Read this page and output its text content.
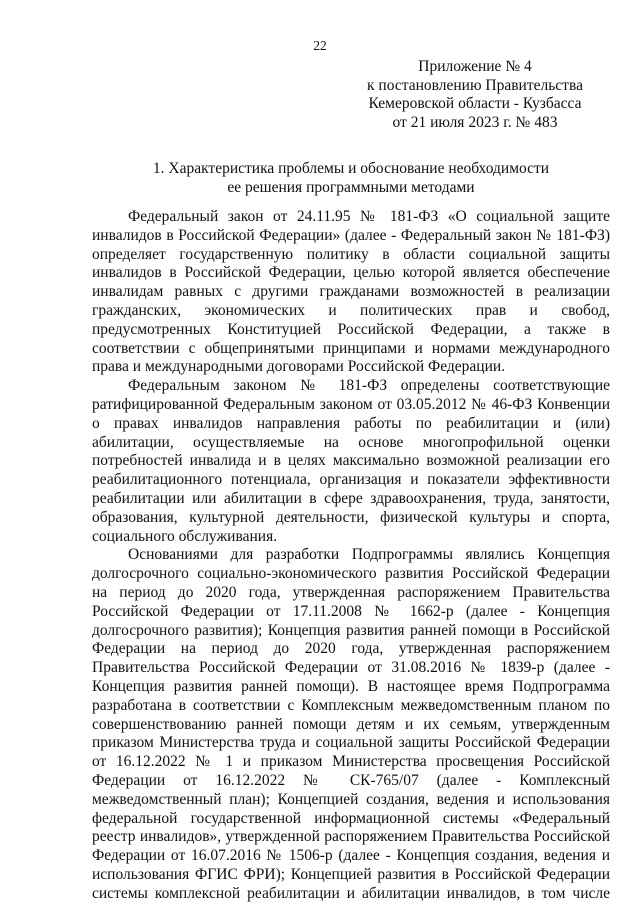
22
Приложение № 4
к постановлению Правительства
Кемеровской области - Кузбасса
от 21 июля 2023 г. № 483
1. Характеристика проблемы и обоснование необходимости
ее решения программными методами
Федеральный закон от 24.11.95 № 181-ФЗ «О социальной защите
инвалидов в Российской Федерации» (далее - Федеральный закон № 181-ФЗ)
определяет государственную политику в области социальной защиты
инвалидов в Российской Федерации, целью которой является обеспечение
инвалидам равных с другими гражданами возможностей в реализации
гражданских, экономических и политических прав и свобод,
предусмотренных Конституцией Российской Федерации, а также в
соответствии с общепринятыми принципами и нормами международного
права и международными договорами Российской Федерации.
Федеральным законом № 181-ФЗ определены соответствующие
ратифицированной Федеральным законом от 03.05.2012 № 46-ФЗ Конвенции
о правах инвалидов направления работы по реабилитации и (или)
абилитации, осуществляемые на основе многопрофильной оценки
потребностей инвалида и в целях максимально возможной реализации его
реабилитационного потенциала, организация и показатели эффективности
реабилитации или абилитации в сфере здравоохранения, труда, занятости,
образования, культурной деятельности, физической культуры и спорта,
социального обслуживания.
Основаниями для разработки Подпрограммы являлись Концепция
долгосрочного социально-экономического развития Российской Федерации
на период до 2020 года, утвержденная распоряжением Правительства
Российской Федерации от 17.11.2008 № 1662-р (далее - Концепция
долгосрочного развития); Концепция развития ранней помощи в Российской
Федерации на период до 2020 года, утвержденная распоряжением
Правительства Российской Федерации от 31.08.2016 № 1839-р (далее -
Концепция развития ранней помощи). В настоящее время Подпрограмма
разработана в соответствии с Комплексным межведомственным планом по
совершенствованию ранней помощи детям и их семьям, утвержденным
приказом Министерства труда и социальной защиты Российской Федерации
от 16.12.2022 № 1 и приказом Министерства просвещения Российской
Федерации от 16.12.2022 № СК-765/07 (далее - Комплексный
межведомственный план); Концепцией создания, ведения и использования
федеральной государственной информационной системы «Федеральный
реестр инвалидов», утвержденной распоряжением Правительства Российской
Федерации от 16.07.2016 № 1506-р (далее - Концепция создания, ведения и
использования ФГИС ФРИ); Концепцией развития в Российской Федерации
системы комплексной реабилитации и абилитации инвалидов, в том числе
